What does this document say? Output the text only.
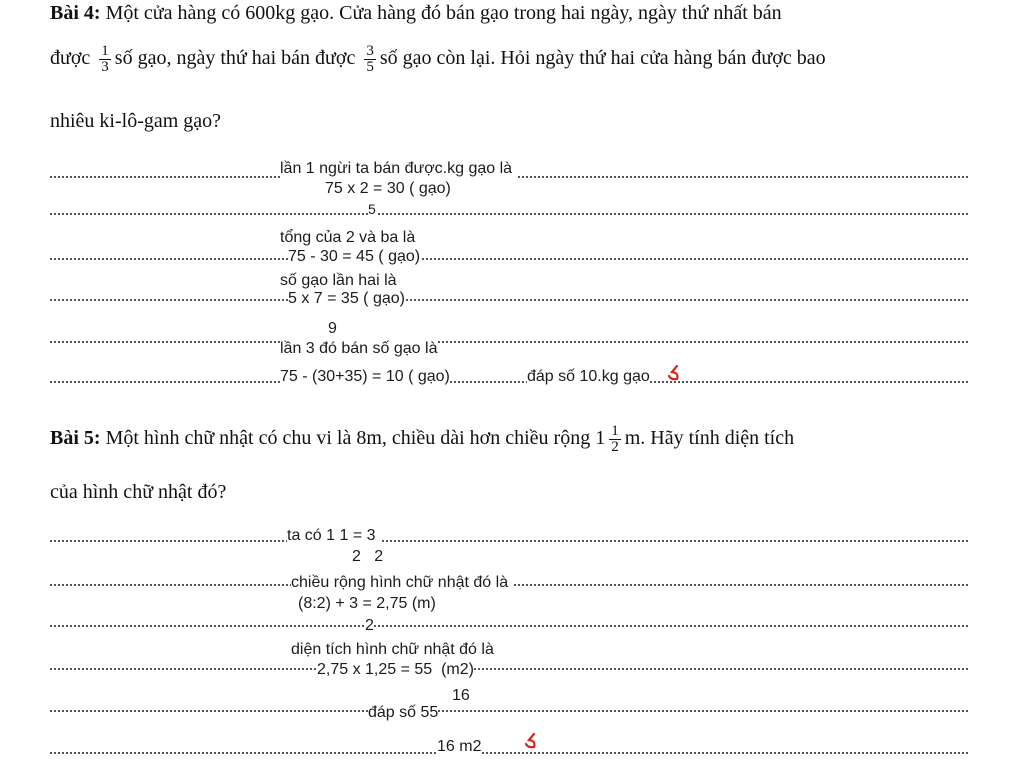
Bài 4: Một cửa hàng có 600kg gạo. Cửa hàng đó bán gạo trong hai ngày, ngày thứ nhất bán
được $\frac{1}{3}$ số gạo, ngày thứ hai bán được $\frac{3}{5}$ số gạo còn lại. Hỏi ngày thứ hai cửa hàng bán được bao
nhiêu ki-lô-gam gạo?
lần 1 ngừi ta bán được.kg gạo là
75 x 2 = 30 ( gạo)
5
tổng của 2 và ba là
75 - 30 = 45 ( gạo)
số gạo lần hai là
5 x 7 = 35 ( gạo)
9
lần 3 đó bán số gạo là
75 - (30+35) = 10 ( gạo)	đáp số 10.kg gạo
Bài 5: Một hình chữ nhật có chu vi là 8m, chiều dài hơn chiều rộng $1 \frac{1}{2} m$. Hãy tính diện tích
của hình chữ nhật đó?
ta có 1 1 = 3
2   2
chiều rộng hình chữ nhật đó là
(8:2) + 3 = 2,75 (m)
2
diện tích hình chữ nhật đó là
2,75 x 1,25 = 55  (m2)
16
đáp số 55
16 m2
